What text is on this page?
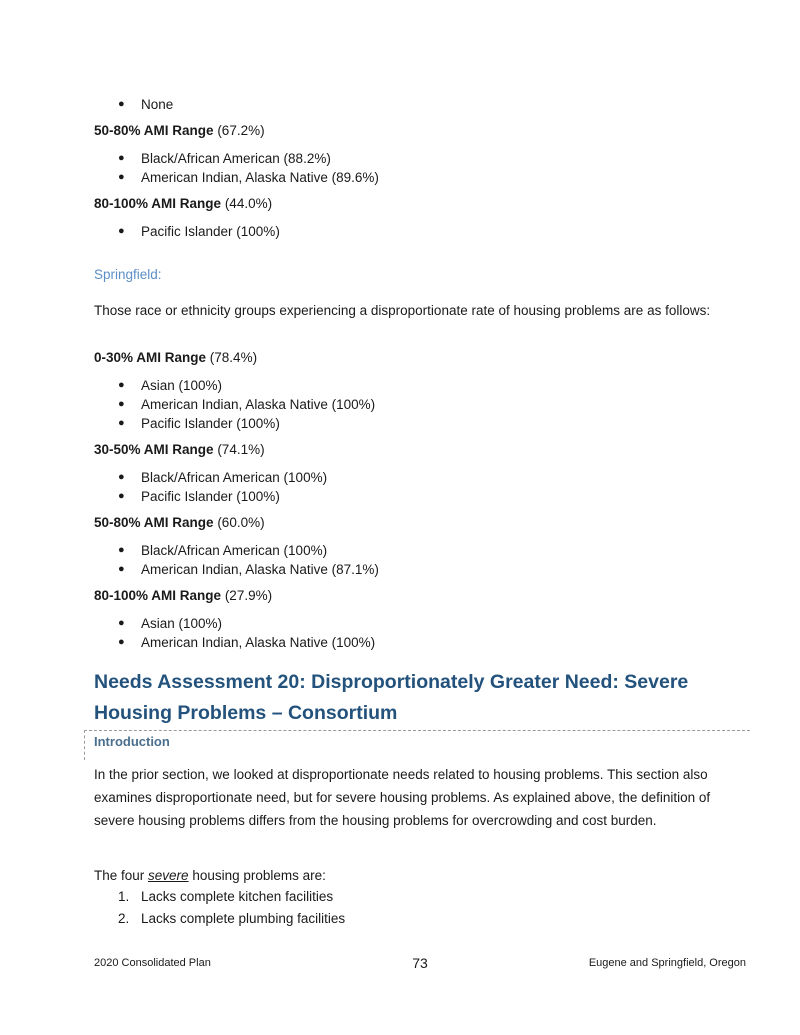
● None
50-80% AMI Range (67.2%)
● Black/African American (88.2%)
● American Indian, Alaska Native (89.6%)
80-100% AMI Range (44.0%)
● Pacific Islander (100%)
Springfield:
Those race or ethnicity groups experiencing a disproportionate rate of housing problems are as follows:
0-30% AMI Range (78.4%)
● Asian (100%)
● American Indian, Alaska Native (100%)
● Pacific Islander (100%)
30-50% AMI Range (74.1%)
● Black/African American (100%)
● Pacific Islander (100%)
50-80% AMI Range (60.0%)
● Black/African American (100%)
● American Indian, Alaska Native (87.1%)
80-100% AMI Range (27.9%)
● Asian (100%)
● American Indian, Alaska Native (100%)
Needs Assessment 20: Disproportionately Greater Need: Severe Housing Problems – Consortium
Introduction
In the prior section, we looked at disproportionate needs related to housing problems. This section also examines disproportionate need, but for severe housing problems. As explained above, the definition of severe housing problems differs from the housing problems for overcrowding and cost burden.
The four severe housing problems are:
1. Lacks complete kitchen facilities
2. Lacks complete plumbing facilities
2020 Consolidated Plan	73	Eugene and Springfield, Oregon
